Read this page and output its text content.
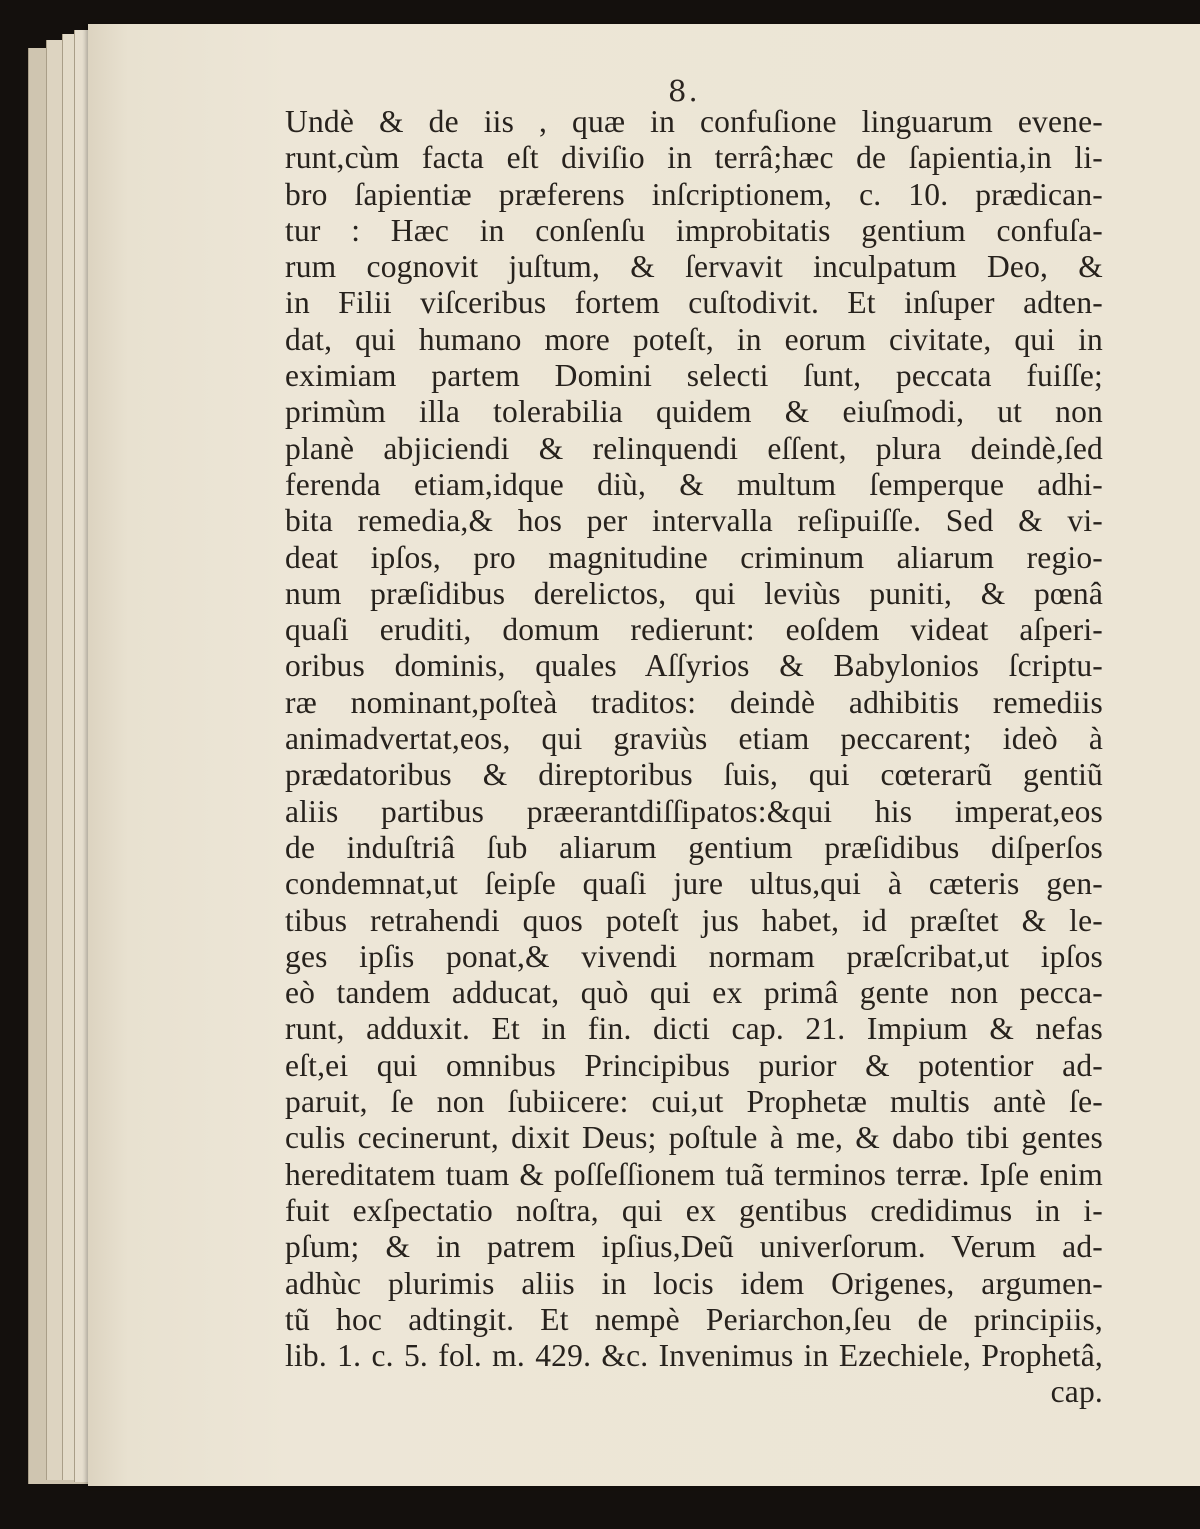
8.
Undè & de iis , quæ in confuſione linguarum evene-
runt,cùm facta eſt diviſio in terrâ;hæc de ſapientia,in li-
bro ſapientiæ præferens inſcriptionem, c. 10. prædican-
tur : Hæc in conſenſu improbitatis gentium confuſa-
rum cognovit juſtum, & ſervavit inculpatum Deo, &
in Filii viſceribus fortem cuſtodivit. Et inſuper adten-
dat, qui humano more poteſt, in eorum civitate, qui in
eximiam partem Domini selecti ſunt, peccata fuiſſe;
primùm illa tolerabilia quidem & eiuſmodi, ut non
planè abjiciendi & relinquendi eſſent, plura deindè,ſed
ferenda etiam,idque diù, & multum ſemperque adhi-
bita remedia,& hos per intervalla reſipuiſſe. Sed & vi-
deat ipſos, pro magnitudine criminum aliarum regio-
num præſidibus derelictos, qui leviùs puniti, & pœnâ
quaſi eruditi, domum redierunt: eoſdem videat aſperi-
oribus dominis, quales Aſſyrios & Babylonios ſcriptu-
ræ nominant,poſteà traditos: deindè adhibitis remediis
animadvertat,eos, qui graviùs etiam peccarent; ideò à
prædatoribus & direptoribus ſuis, qui cœterarũ gentiũ
aliis partibus præerantdiſſipatos:&qui his imperat,eos
de induſtriâ ſub aliarum gentium præſidibus diſperſos
condemnat,ut ſeipſe quaſi jure ultus,qui à cæteris gen-
tibus retrahendi quos poteſt jus habet, id præſtet & le-
ges ipſis ponat,& vivendi normam præſcribat,ut ipſos
eò tandem adducat, quò qui ex primâ gente non pecca-
runt, adduxit. Et in fin. dicti cap. 21. Impium & nefas
eſt,ei qui omnibus Principibus purior & potentior ad-
paruit, ſe non ſubiicere: cui,ut Prophetæ multis antè ſe-
culis cecinerunt, dixit Deus; poſtule à me, & dabo tibi gentes
hereditatem tuam & poſſeſſionem tuã terminos terræ. Ipſe enim
fuit exſpectatio noſtra, qui ex gentibus credidimus in i-
pſum; & in patrem ipſius,Deũ univerſorum. Verum ad-
adhùc plurimis aliis in locis idem Origenes, argumen-
tũ hoc adtingit. Et nempè Periarchon,ſeu de principiis,
lib. 1. c. 5. fol. m. 429. &c. Invenimus in Ezechiele, Prophetâ,
cap.
